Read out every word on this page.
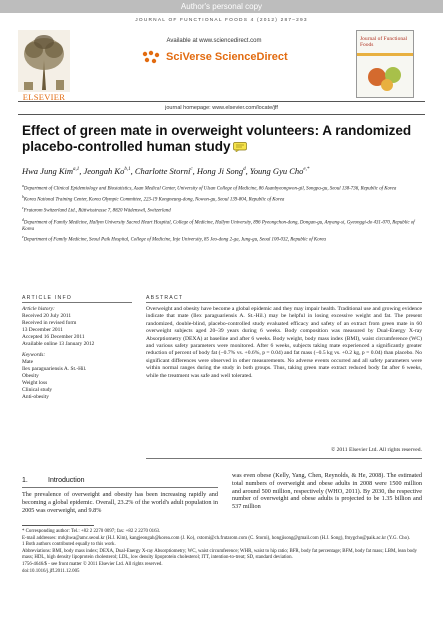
Author's personal copy
JOURNAL OF FUNCTIONAL FOODS 4 (2012) 287–293
ELSEVIER
Available at www.sciencedirect.com
SciVerse ScienceDirect
Journal of Functional Foods
journal homepage: www.elsevier.com/locate/jff
Effect of green mate in overweight volunteers: A randomized
placebo-controlled human study
Hwa Jung Kim$^{a,1}$, Jeongah Ko$^{b,1}$, Charlotte Storni$^c$, Hong Ji Song$^d$, Young Gyu Cho$^{e,*}$

$^a$Department of Clinical Epidemiology and Biostatistics, Asan Medical Center, University of Ulsan College of Medicine, 86 Asanbyeongwon-gil, Songpa-gu, Seoul 138-736, Republic of Korea

$^b$Korea National Training Center, Korea Olympic Committee, 223-19 Kongneung-dong, Nowon-gu, Seoul 139-804, Republic of Korea

$^c$Frutarom Switzerland Ltd., Rütiwisstrasse 7, 8820 Wädenswil, Switzerland

$^d$Department of Family Medicine, Hallym University Sacred Heart Hospital, College of Medicine, Hallym University, 896 Pyeongchon-dong, Dongan-gu, Anyang-si, Gyeonggi-do 431-070, Republic of Korea

$^e$Department of Family Medicine, Seoul Paik Hospital, College of Medicine, Inje University, 85 Jeo-dong 2-ga, Jung-gu, Seoul 100-032, Republic of Korea

ARTICLE INFO	ABSTRACT
Article history:
Received 20 July 2011
Received in revised form
13 December 2011
Accepted 16 December 2011
Available online 13 January 2012
Keywords:
Mate
Ilex paraguariensis A. St.-Hil.
Obesity
Weight loss
Clinical study
Anti-obesity
Overweight and obesity have become a global epidemic and they may impair health. Traditional use and growing evidence indicate that mate (Ilex paraguariensis A. St.-Hil.) may be helpful in losing excessive weight and fat. The present randomized, double-blind, placebo-controlled study evaluated efficacy and safety of an extract from green mate in 60 overweight subjects aged 20–39 years during 6 weeks. Body composition was measured by Dual-Energy X-ray Absorptiometry (DEXA) at baseline and after 6 weeks. Body weight, body mass index (BMI), waist circumference (WC) and various safety parameters were monitored. After 6 weeks, subjects taking mate experienced a significantly greater reduction of percent of body fat (−0.7% vs. +0.6%, p = 0.04) and fat mass (−0.5 kg vs. +0.2 kg, p = 0.04) than placebo. No significant differences were observed in other measurements. No adverse events occurred and all safety parameters were within normal ranges during the study in both groups. Thus, taking green mate extract reduced body fat after 6 weeks, while the treatment was safe and well tolerated.
© 2011 Elsevier Ltd. All rights reserved.
1.	Introduction
The prevalence of overweight and obesity has been increasing rapidly and becoming a global epidemic. Overall, 23.2% of the world's adult population in 2005 was overweight, and 9.8%
was even obese (Kelly, Yang, Chen, Reynolds, & He, 2008). The estimated total numbers of overweight and obese adults in 2008 were 1500 million and around 500 million, respectively (WHO, 2011). By 2030, the respective number of overweight and obese adults is projected to be 1.35 billion and 537 million

* Corresponding author: Tel.: +82 2 2270 0097; fax: +82 2 2270 0163.

E-mail addresses: mrkjhwa@amc.seoul.kr (H.J. Kim), kangjeongah@korea.com (J. Ko), cstorni@ch.frutarom.com (C. Storni), hongjisong@gmail.com (H.J. Song), fmygcho@paik.ac.kr (Y.G. Cho).

1 Both authors contributed equally to this work.

Abbreviations: BMI, body mass index; DEXA, Dual-Energy X-ray Absorptiometry; WC, waist circumference; WHR, waist to hip ratio; BFR, body fat percentage; BFM, body fat mass; LBM, lean body mass; HDL, high density lipoprotein cholesterol; LDL, low density lipoprotein cholesterol; ITT, intention-to-treat; SD, standard deviation.

1756-4646/$ - see front matter © 2011 Elsevier Ltd. All rights reserved.

doi:10.1016/j.jff.2011.12.005
